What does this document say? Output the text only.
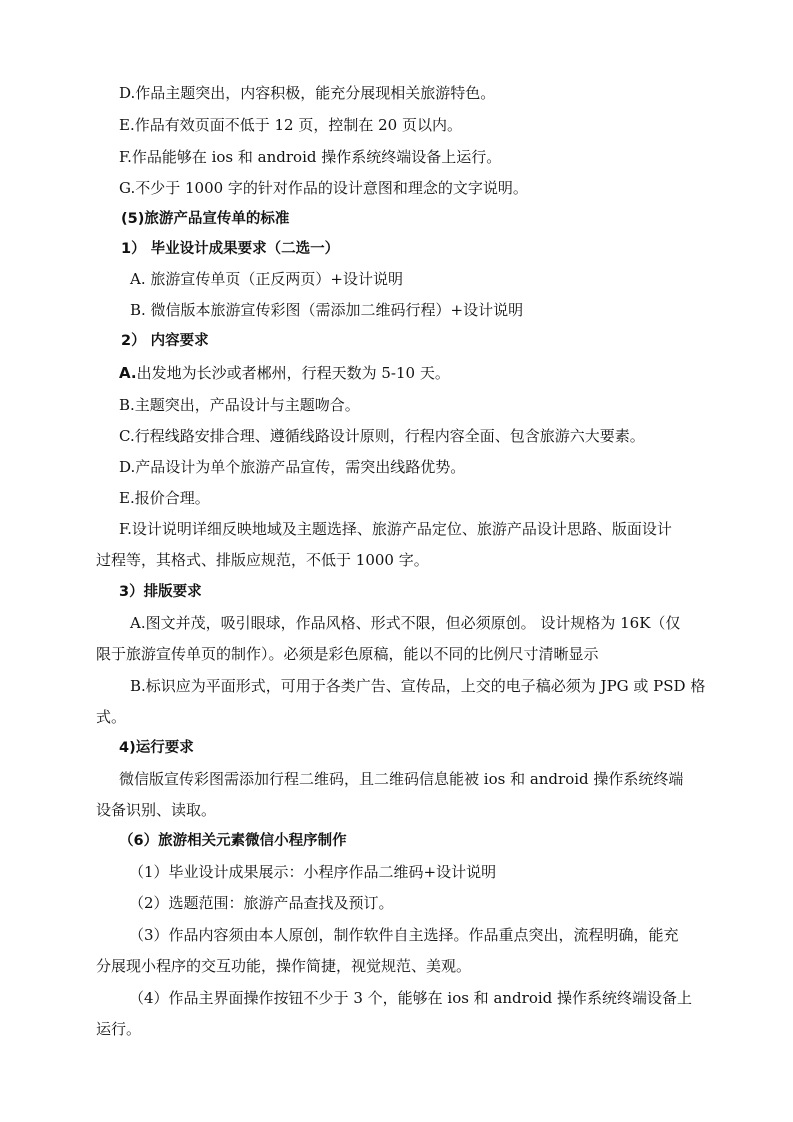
D.作品主题突出，内容积极，能充分展现相关旅游特色。
E.作品有效页面不低于 12 页，控制在 20 页以内。
F.作品能够在 ios 和 android 操作系统终端设备上运行。
G.不少于 1000 字的针对作品的设计意图和理念的文字说明。
(5)旅游产品宣传单的标准
1） 毕业设计成果要求（二选一）
A. 旅游宣传单页（正反两页）+设计说明
B. 微信版本旅游宣传彩图（需添加二维码行程）+设计说明
2） 内容要求
A.出发地为长沙或者郴州，行程天数为 5-10 天。
B.主题突出，产品设计与主题吻合。
C.行程线路安排合理、遵循线路设计原则，行程内容全面、包含旅游六大要素。
D.产品设计为单个旅游产品宣传，需突出线路优势。
E.报价合理。
F.设计说明详细反映地域及主题选择、旅游产品定位、旅游产品设计思路、版面设计
过程等，其格式、排版应规范，不低于 1000 字。
3）排版要求
A.图文并茂，吸引眼球，作品风格、形式不限，但必须原创。 设计规格为 16K（仅
限于旅游宣传单页的制作）。必须是彩色原稿，能以不同的比例尺寸清晰显示
B.标识应为平面形式，可用于各类广告、宣传品，上交的电子稿必须为 JPG 或 PSD 格
式。
4)运行要求
微信版宣传彩图需添加行程二维码，且二维码信息能被 ios 和 android 操作系统终端
设备识别、读取。
（6）旅游相关元素微信小程序制作
（1）毕业设计成果展示：小程序作品二维码+设计说明
（2）选题范围：旅游产品查找及预订。
（3）作品内容须由本人原创，制作软件自主选择。作品重点突出，流程明确，能充
分展现小程序的交互功能，操作简捷，视觉规范、美观。
（4）作品主界面操作按钮不少于 3 个，能够在 ios 和 android 操作系统终端设备上
运行。
